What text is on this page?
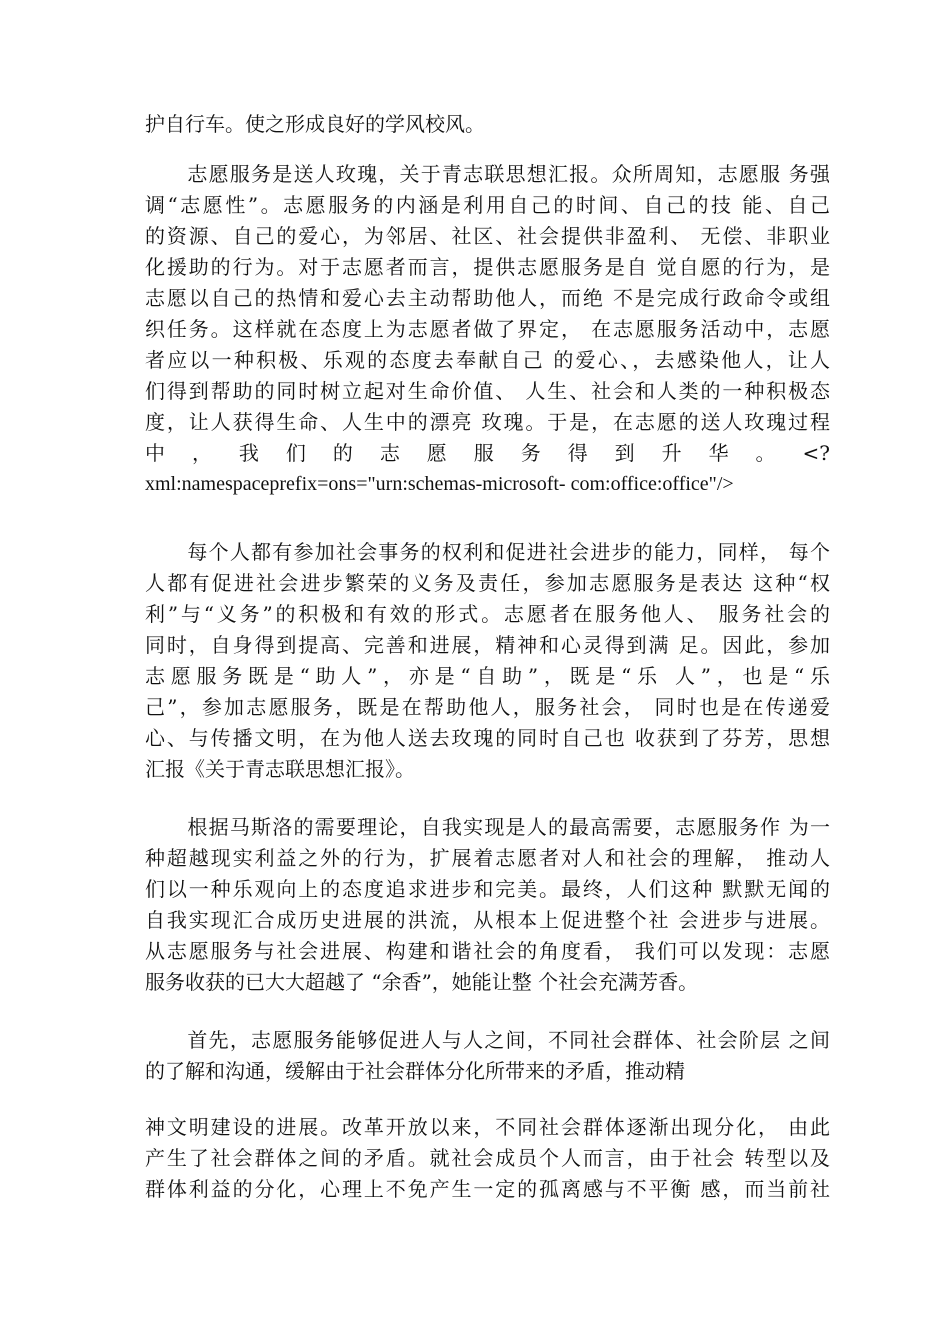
护自行车。使之形成良好的学风校风。
　　志愿服务是送人玫瑰，关于青志联思想汇报。众所周知，志愿服 务强
调“志愿性”。志愿服务的内涵是利用自己的时间、自己的技 能、自己
的资源、自己的爱心，为邻居、社区、社会提供非盈利、 无偿、非职业
化援助的行为。对于志愿者而言，提供志愿服务是自 觉自愿的行为，是
志愿以自己的热情和爱心去主动帮助他人，而绝 不是完成行政命令或组
织任务。这样就在态度上为志愿者做了界定， 在志愿服务活动中，志愿
者应以一种积极、乐观的态度去奉献自己 的爱心、，去感染他人，让人
们得到帮助的同时树立起对生命价值、 人生、社会和人类的一种积极态
度，让人获得生命、人生中的漂亮 玫瑰。于是，在志愿的送人玫瑰过程
中 ， 我 们 的 志 愿 服 务 得 到 升 华 。 <?
xml:namespaceprefix=ons="urn:schemas-microsoft- com:office:office"/>
　　每个人都有参加社会事务的权利和促进社会进步的能力，同样， 每个
人都有促进社会进步繁荣的义务及责任，参加志愿服务是表达 这种“权
利”与“义务”的积极和有效的形式。志愿者在服务他人、 服务社会的
同时，自身得到提高、完善和进展，精神和心灵得到满 足。因此，参加
志愿服务既是“助人”，亦是“自助”，既是“乐 人”，也是“乐
己”，参加志愿服务，既是在帮助他人，服务社会， 同时也是在传递爱
心、与传播文明，在为他人送去玫瑰的同时自己也 收获到了芬芳，思想
汇报《关于青志联思想汇报》。
　　根据马斯洛的需要理论，自我实现是人的最高需要，志愿服务作 为一
种超越现实利益之外的行为，扩展着志愿者对人和社会的理解， 推动人
们以一种乐观向上的态度追求进步和完美。最终，人们这种 默默无闻的
自我实现汇合成历史进展的洪流，从根本上促进整个社 会进步与进展。
从志愿服务与社会进展、构建和谐社会的角度看， 我们可以发现：志愿
服务收获的已大大超越了 “余香”，她能让整 个社会充满芳香。
　　首先，志愿服务能够促进人与人之间，不同社会群体、社会阶层 之间
的了解和沟通，缓解由于社会群体分化所带来的矛盾，推动精
神文明建设的进展。改革开放以来，不同社会群体逐渐出现分化， 由此
产生了社会群体之间的矛盾。就社会成员个人而言，由于社会 转型以及
群体利益的分化，心理上不免产生一定的孤离感与不平衡 感，而当前社
